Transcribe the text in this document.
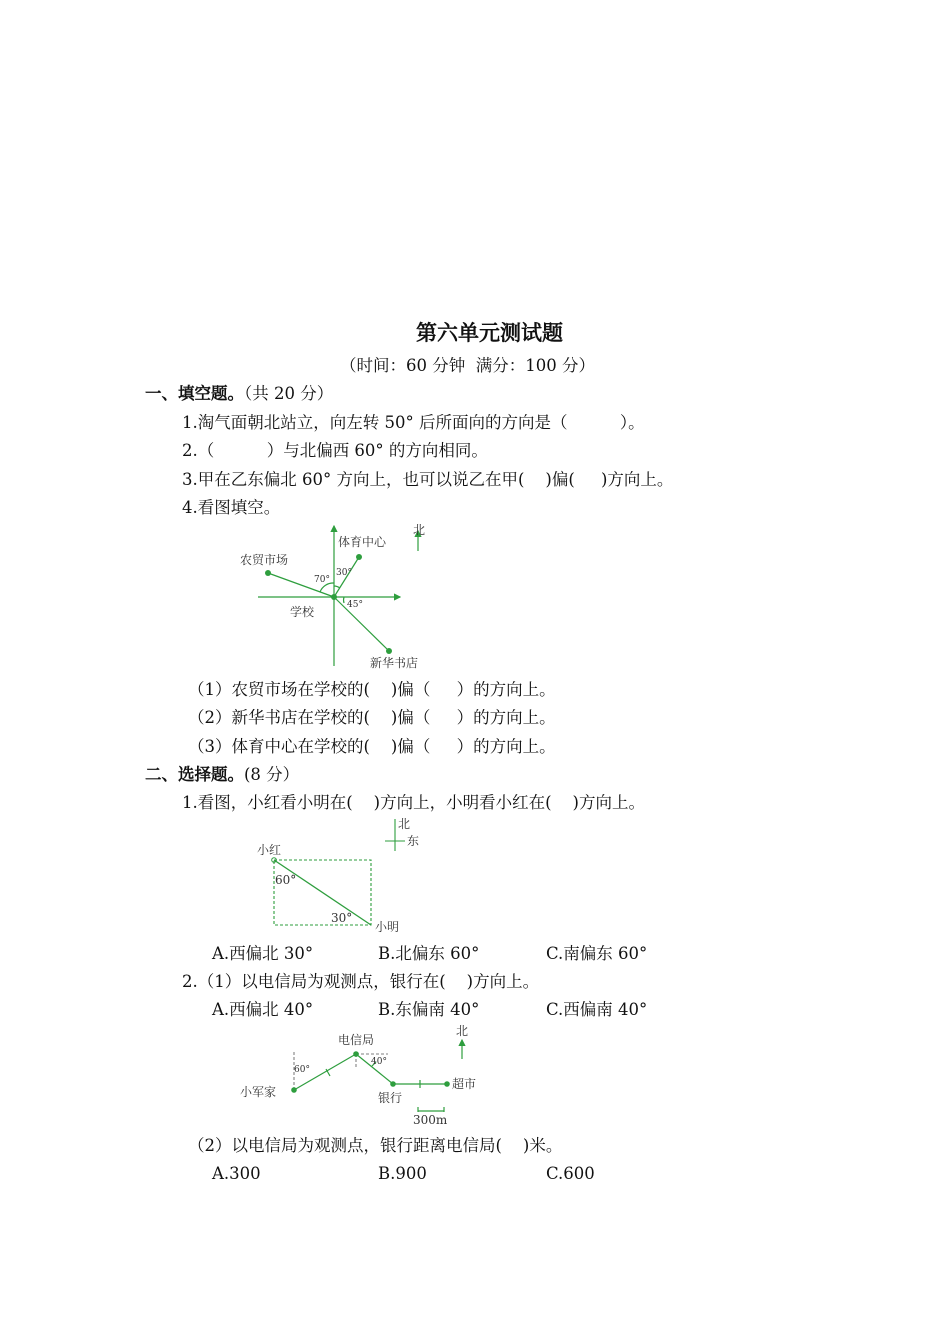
第六单元测试题
（时间：60 分钟  满分：100 分）
一、填空题。（共 20 分）
1.淘气面朝北站立，向左转 50° 后所面向的方向是（          ）。
2.（          ）与北偏西 60° 的方向相同。
3.甲在乙东偏北 60° 方向上，也可以说乙在甲(    )偏(     )方向上。
4.看图填空。
北
体育中心
农贸市场
学校
新华书店
70°
30°
45°
（1）农贸市场在学校的(    )偏（     ）的方向上。
（2）新华书店在学校的(    )偏（     ）的方向上。
（3）体育中心在学校的(    )偏（     ）的方向上。
二、选择题。(8 分）
1.看图，小红看小明在(    )方向上，小明看小红在(    )方向上。
北
东
小红
小明
60°
30°
A.西偏北 30°	B.北偏东 60°	C.南偏东 60°
2.（1）以电信局为观测点，银行在(    )方向上。
A.西偏北 40°	B.东偏南 40°	C.西偏南 40°
北
电信局
小军家	银行
超市
60°
40°
300m
（2）以电信局为观测点，银行距离电信局(    )米。
A.300	B.900	C.600
